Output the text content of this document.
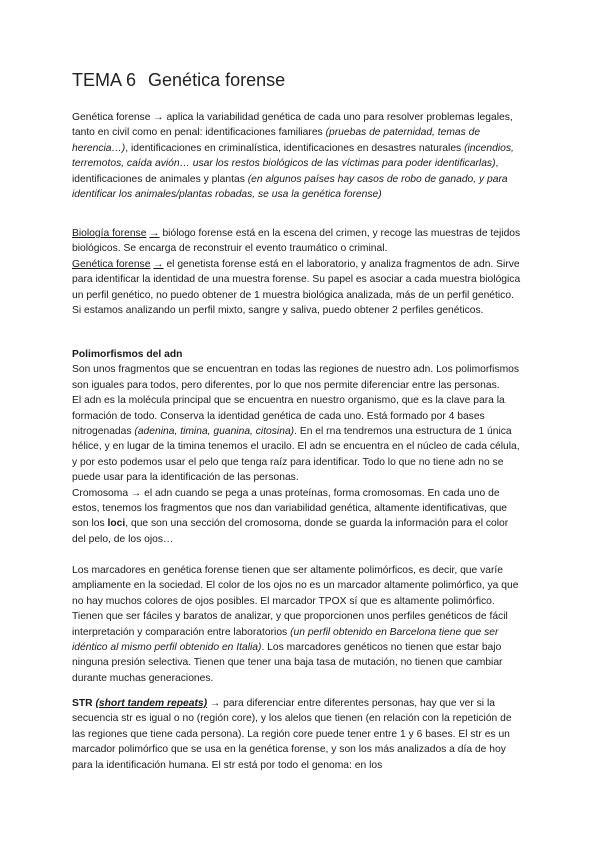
TEMA 6 Genética forense

Genética forense → aplica la variabilidad genética de cada uno para resolver problemas legales, tanto en civil como en penal: identificaciones familiares (pruebas de paternidad, temas de herencia…), identificaciones en criminalística, identificaciones en desastres naturales (incendios, terremotos, caída avión… usar los restos biológicos de las víctimas para poder identificarlas), identificaciones de animales y plantas (en algunos países hay casos de robo de ganado, y para identificar los animales/plantas robadas, se usa la genética forense)

Biología forense → biólogo forense está en la escena del crimen, y recoge las muestras de tejidos biológicos. Se encarga de reconstruir el evento traumático o criminal.

Genética forense → el genetista forense está en el laboratorio, y analiza fragmentos de adn. Sirve para identificar la identidad de una muestra forense. Su papel es asociar a cada muestra biológica un perfil genético, no puedo obtener de 1 muestra biológica analizada, más de un perfil genético. Si estamos analizando un perfil mixto, sangre y saliva, puedo obtener 2 perfiles genéticos.

Polimorfismos del adn

Son unos fragmentos que se encuentran en todas las regiones de nuestro adn. Los polimorfismos son iguales para todos, pero diferentes, por lo que nos permite diferenciar entre las personas.

El adn es la molécula principal que se encuentra en nuestro organismo, que es la clave para la formación de todo. Conserva la identidad genética de cada uno. Está formado por 4 bases nitrogenadas (adenina, timina, guanina, citosina). En el rna tendremos una estructura de 1 única hélice, y en lugar de la timina tenemos el uracilo. El adn se encuentra en el núcleo de cada célula, y por esto podemos usar el pelo que tenga raíz para identificar. Todo lo que no tiene adn no se puede usar para la identificación de las personas.

Cromosoma → el adn cuando se pega a unas proteínas, forma cromosomas. En cada uno de estos, tenemos los fragmentos que nos dan variabilidad genética, altamente identificativas, que son los loci, que son una sección del cromosoma, donde se guarda la información para el color del pelo, de los ojos…

Los marcadores en genética forense tienen que ser altamente polimórficos, es decir, que varíe ampliamente en la sociedad. El color de los ojos no es un marcador altamente polimórfico, ya que no hay muchos colores de ojos posibles. El marcador TPOX sí que es altamente polimórfico. Tienen que ser fáciles y baratos de analizar, y que proporcionen unos perfiles genéticos de fácil interpretación y comparación entre laboratorios (un perfil obtenido en Barcelona tiene que ser idéntico al mismo perfil obtenido en Italia). Los marcadores genéticos no tienen que estar bajo ninguna presión selectiva. Tienen que tener una baja tasa de mutación, no tienen que cambiar durante muchas generaciones.

STR (short tandem repeats) → para diferenciar entre diferentes personas, hay que ver si la secuencia str es igual o no (región core), y los alelos que tienen (en relación con la repetición de las regiones que tiene cada persona). La región core puede tener entre 1 y 6 bases. El str es un marcador polimórfico que se usa en la genética forense, y son los más analizados a día de hoy para la identificación humana. El str está por todo el genoma: en los
